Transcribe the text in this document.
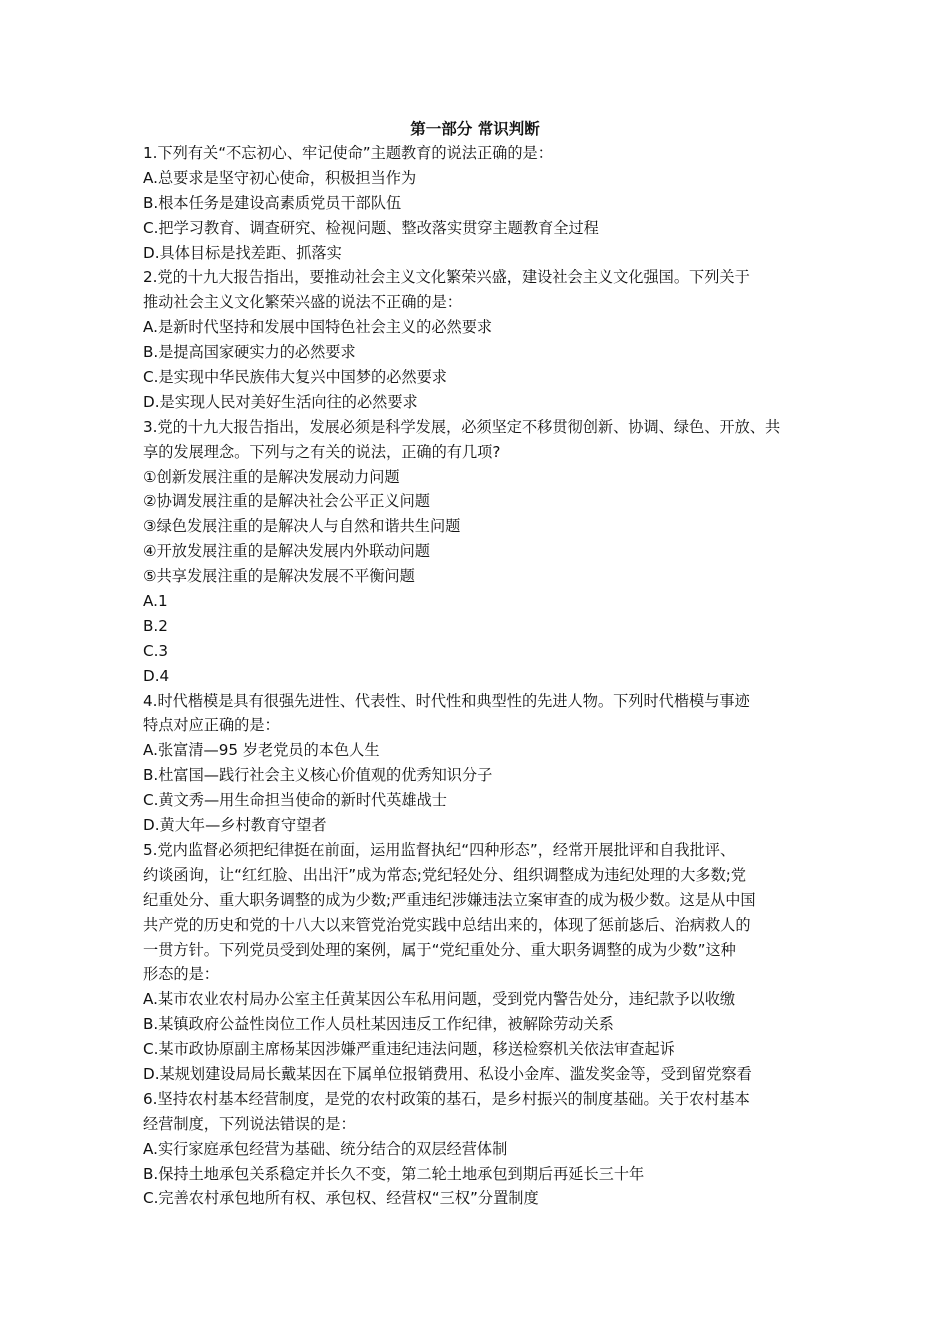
第一部分 常识判断
1.下列有关“不忘初心、牢记使命”主题教育的说法正确的是：
A.总要求是坚守初心使命，积极担当作为
B.根本任务是建设高素质党员干部队伍
C.把学习教育、调查研究、检视问题、整改落实贯穿主题教育全过程
D.具体目标是找差距、抓落实
2.党的十九大报告指出，要推动社会主义文化繁荣兴盛，建设社会主义文化强国。下列关于
推动社会主义文化繁荣兴盛的说法不正确的是：
A.是新时代坚持和发展中国特色社会主义的必然要求
B.是提高国家硬实力的必然要求
C.是实现中华民族伟大复兴中国梦的必然要求
D.是实现人民对美好生活向往的必然要求
3.党的十九大报告指出，发展必须是科学发展，必须坚定不移贯彻创新、协调、绿色、开放、共
享的发展理念。下列与之有关的说法，正确的有几项?
①创新发展注重的是解决发展动力问题
②协调发展注重的是解决社会公平正义问题
③绿色发展注重的是解决人与自然和谐共生问题
④开放发展注重的是解决发展内外联动问题
⑤共享发展注重的是解决发展不平衡问题
A.1
B.2
C.3
D.4
4.时代楷模是具有很强先进性、代表性、时代性和典型性的先进人物。下列时代楷模与事迹
特点对应正确的是：
A.张富清—95 岁老党员的本色人生
B.杜富国—践行社会主义核心价值观的优秀知识分子
C.黄文秀—用生命担当使命的新时代英雄战士
D.黄大年—乡村教育守望者
5.党内监督必须把纪律挺在前面，运用监督执纪“四种形态”，经常开展批评和自我批评、
约谈函询，让“红红脸、出出汗”成为常态;党纪轻处分、组织调整成为违纪处理的大多数;党
纪重处分、重大职务调整的成为少数;严重违纪涉嫌违法立案审查的成为极少数。这是从中国
共产党的历史和党的十八大以来管党治党实践中总结出来的，体现了惩前毖后、治病救人的
一贯方针。下列党员受到处理的案例，属于“党纪重处分、重大职务调整的成为少数”这种
形态的是：
A.某市农业农村局办公室主任黄某因公车私用问题，受到党内警告处分，违纪款予以收缴
B.某镇政府公益性岗位工作人员杜某因违反工作纪律，被解除劳动关系
C.某市政协原副主席杨某因涉嫌严重违纪违法问题，移送检察机关依法审查起诉
D.某规划建设局局长戴某因在下属单位报销费用、私设小金库、滥发奖金等，受到留党察看
6.坚持农村基本经营制度，是党的农村政策的基石，是乡村振兴的制度基础。关于农村基本
经营制度，下列说法错误的是：
A.实行家庭承包经营为基础、统分结合的双层经营体制
B.保持土地承包关系稳定并长久不变，第二轮土地承包到期后再延长三十年
C.完善农村承包地所有权、承包权、经营权“三权”分置制度
